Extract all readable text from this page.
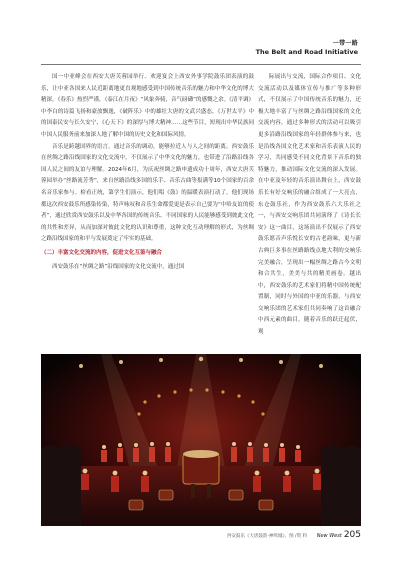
一带一路
The Belt and Road Initiative

国一中亚峰会在西安大唐芙蓉园举行。欢迎宴会上西安外事学院鼓乐团表演的鼓乐，让中亚各国来人民近距离地更直观地感受到中国传统音乐的魅力和中华文化的博大精深。《春乐》热烈严谨，《泰江在月夜》“风象奔骑，音气磅礴”的感慨之余。《清平调》中李白的诗篇飞扬和豪放飘逸，《破阵乐》中的雄壮大唐的文武兴盛态，《万世太平》中的国泰民安与长久安宁、《心天下》的深厚与博大精神……这些节目，短现出中华民族同中国人民服务前来加深人地了解中国的历史文化和国际风情。

音乐是跨越国界的语言，通过音乐的调动，能够拉近人与人之间的距离。西安鼓乐在丝绸之路沿线国家的文化交流中，不仅展示了中华文化的魅力，也带进了沿路沿线各国人民之间的友谊与理解。2024年6月，为庆祝丝绸之路申遗成功十周年，西安大唐芙蓉园举办“丝路流芳秀”，来自丝路沿线多国的乐手、音乐古曲等报满等10个国家的百余名音乐家参与。检看正统，第学生们演示，他们唱《鼓》的温暖表演打动了。他们现场都这次西安鼓乐所感染传染，特声咏叹和音乐生命都爱更是表示自己要为“中哈友谊的使者”，通过欣赏西安鼓乐以及中华各国的传统音乐、不同国家的人民能够感受到彼此文化的共性和差异，从而加深对彼此文化的认识和尊重，这种文化互动理解的形式，为丝绸之路沿线国家的和平与发展奠定了牢实的基础。

（二）丰富文化交流的内容，促进文化互鉴与融合

西安鼓乐在“丝绸之路”沿线国家的文化交流中，通过国

际展出与交流，国际合作项目、文化交流活动以及媒体宣传与推广等多种形式，不仅展示了中国传统音乐的魅力，还极大地丰富了与丝绸之路沿线国家的文化交流内容。通过多种形式的活动可以吸引更多沿路沿线国家的年轻群体参与来，也是沿线各国文化艺术家和音乐表演人民的学习，共同感受不同文化背景下音乐的独特魅力，推动国际文化交流的深入发展。在中亚及年轻的音乐演出舞台上，西安鼓乐长有好交响乐的融合组成了一大亮点，东仓鼓乐社，作为西安鼓乐六大乐社之一，与西安交响乐团共同演绎了《诗长长安》这一曲目，这场演出不仅展示了西安鼓乐愿音声乐悦长安的古老韵味，更与新古典巨多事在丝路路线点地大利的交响乐完美融合，呈现出一幅丝绸之路古今文明和合共生，美美与共的精美画卷。越出中，西安鼓乐的艺术家们将精中国传统配置制，同时与外国的中亚的乐器，与西安交响乐团的艺术家们共同奏响了这首融合中西元素的曲目，随着音乐的跃迁起伏，观

西安鼓乐《大唐鼓韵·神鸣城》。图 /资 料 New West 205
